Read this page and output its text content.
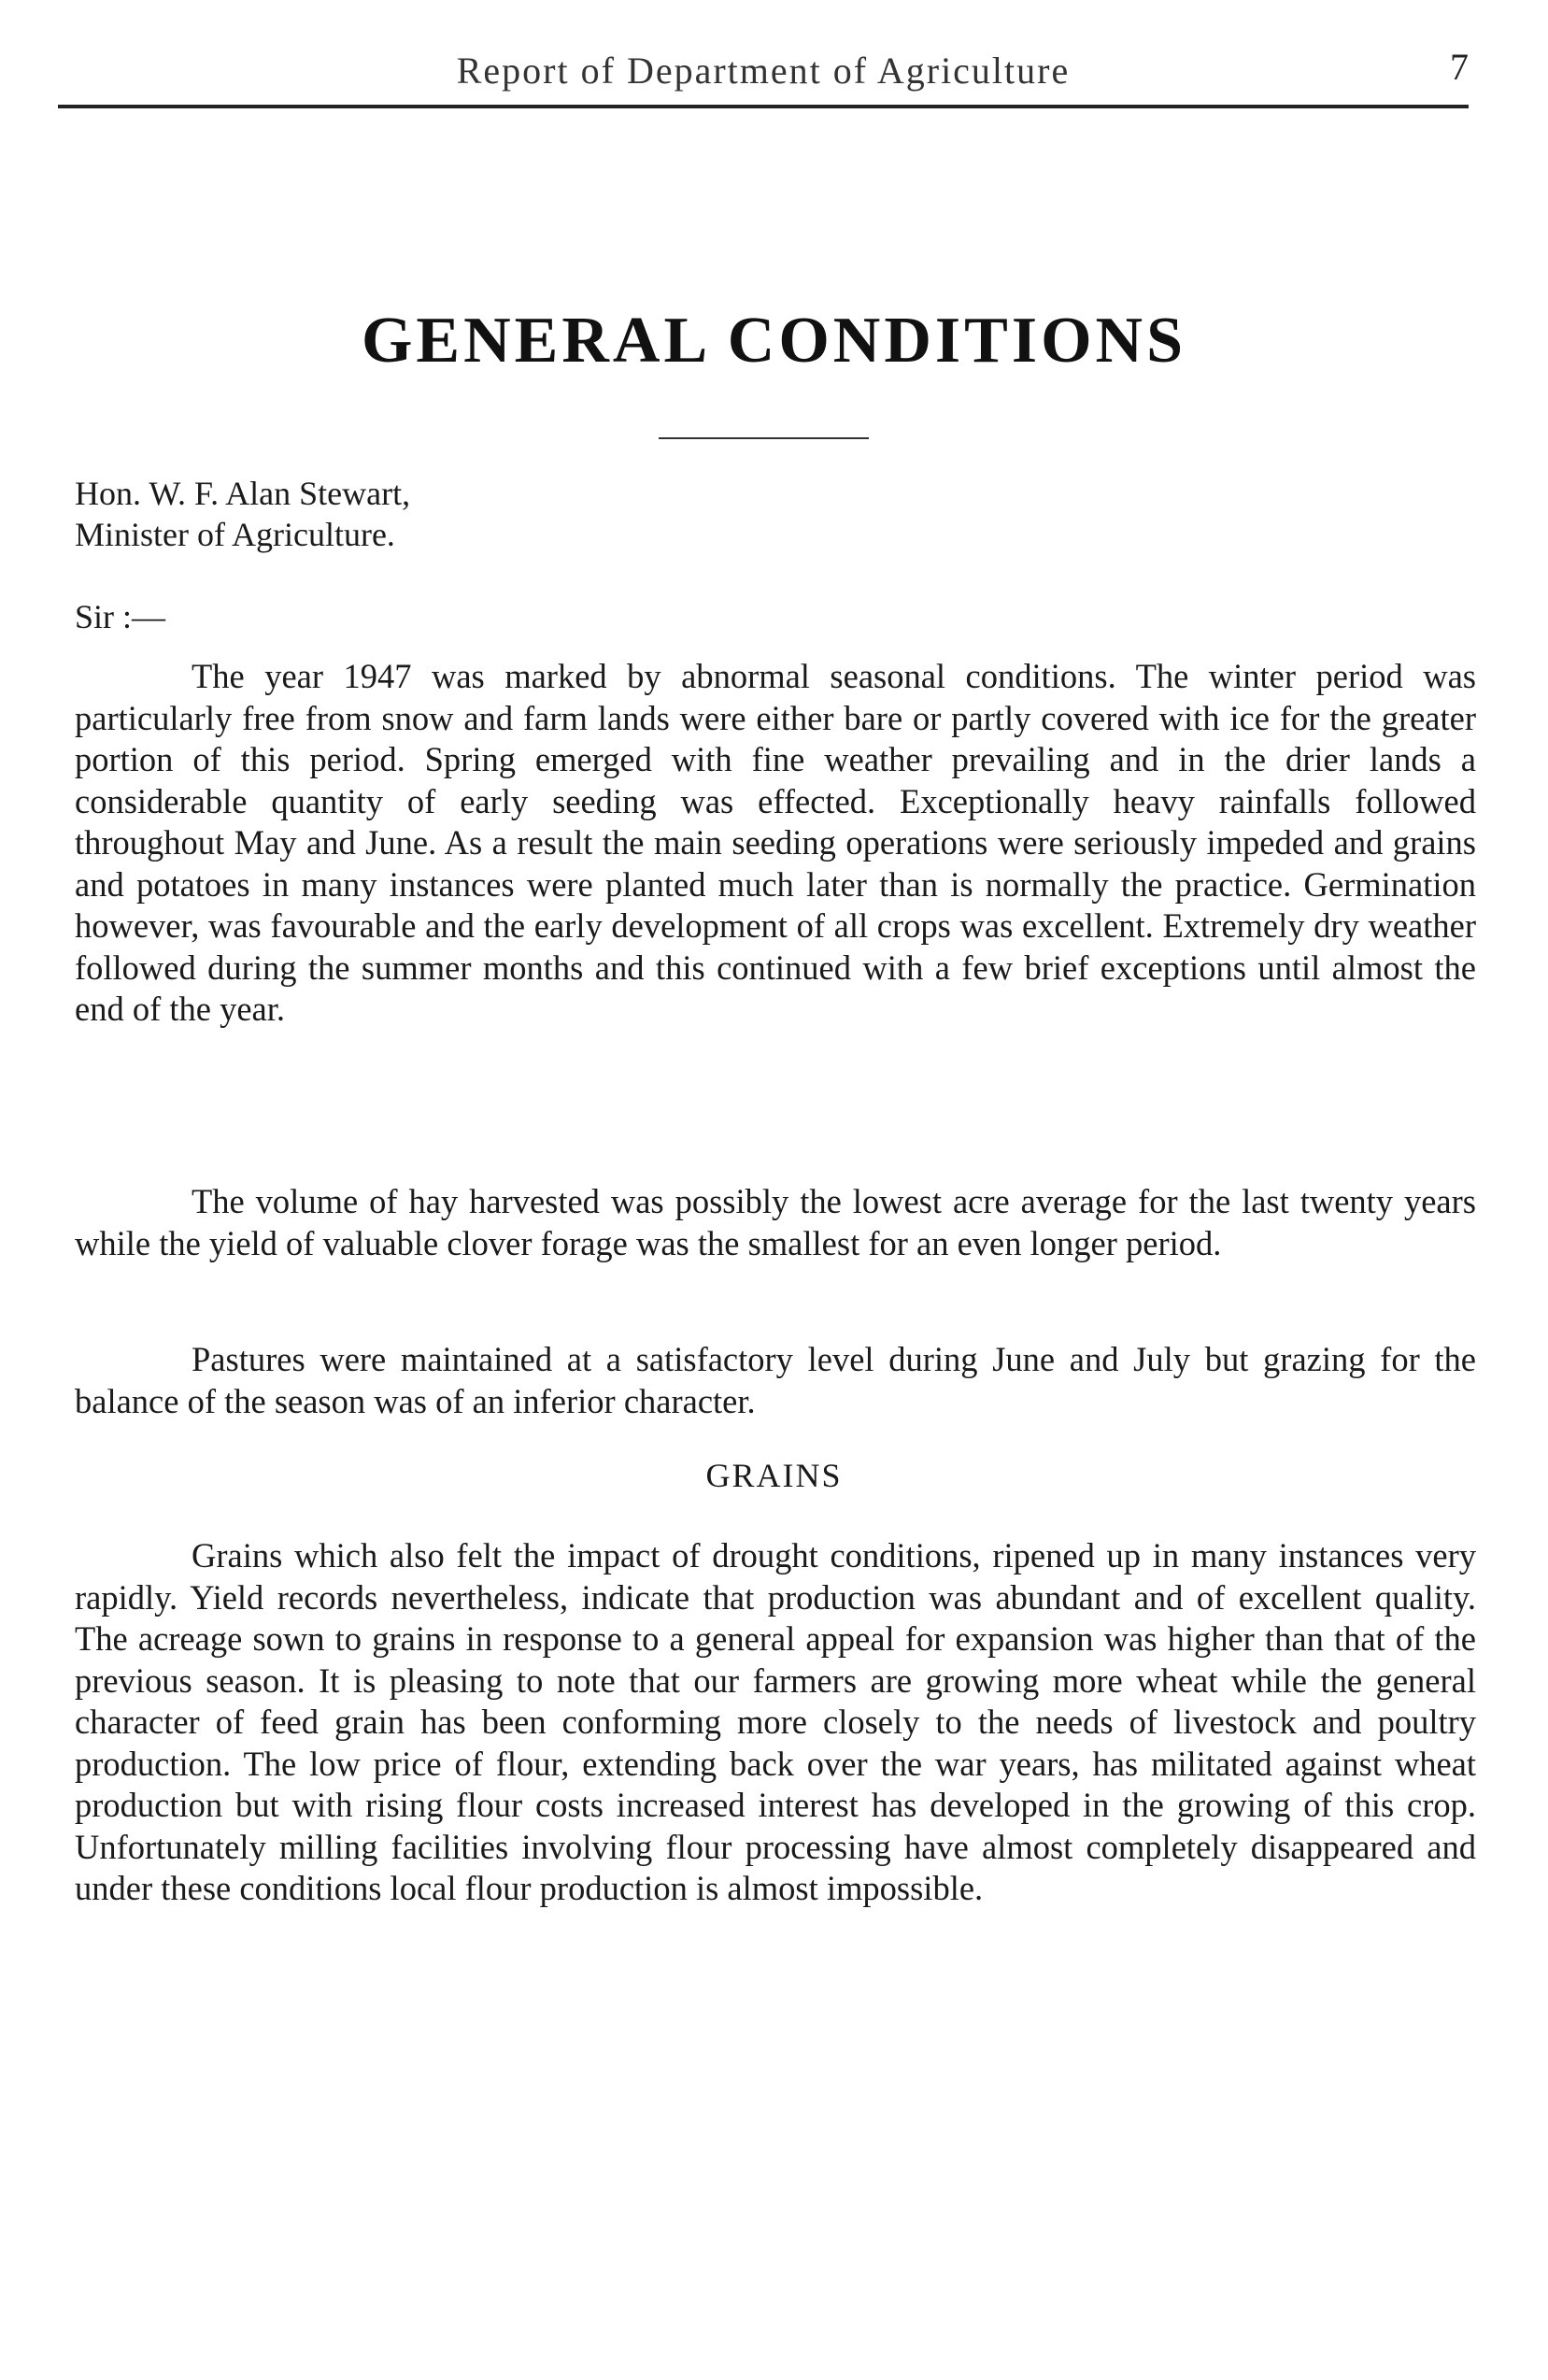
Report of Department of Agriculture	7
GENERAL CONDITIONS
Hon. W. F. Alan Stewart,
Minister of Agriculture.
Sir :—
The year 1947 was marked by abnormal seasonal conditions. The winter period was particularly free from snow and farm lands were either bare or partly covered with ice for the greater portion of this period. Spring emerged with fine weather prevailing and in the drier lands a considerable quantity of early seeding was effected. Exceptionally heavy rainfalls followed throughout May and June. As a result the main seeding operations were seriously impeded and grains and potatoes in many instances were planted much later than is normally the practice. Germination however, was favourable and the early development of all crops was excellent. Extremely dry weather followed during the summer months and this continued with a few brief exceptions until almost the end of the year.
The volume of hay harvested was possibly the lowest acre average for the last twenty years while the yield of valuable clover forage was the smallest for an even longer period.
Pastures were maintained at a satisfactory level during June and July but grazing for the balance of the season was of an inferior character.
GRAINS
Grains which also felt the impact of drought conditions, ripened up in many instances very rapidly. Yield records nevertheless, indicate that production was abundant and of excellent quality. The acreage sown to grains in response to a general appeal for expansion was higher than that of the previous season. It is pleasing to note that our farmers are growing more wheat while the general character of feed grain has been conforming more closely to the needs of livestock and poultry production. The low price of flour, extending back over the war years, has militated against wheat production but with rising flour costs increased interest has developed in the growing of this crop. Unfortunately milling facilities involving flour processing have almost completely disappeared and under these conditions local flour production is almost impossible.
